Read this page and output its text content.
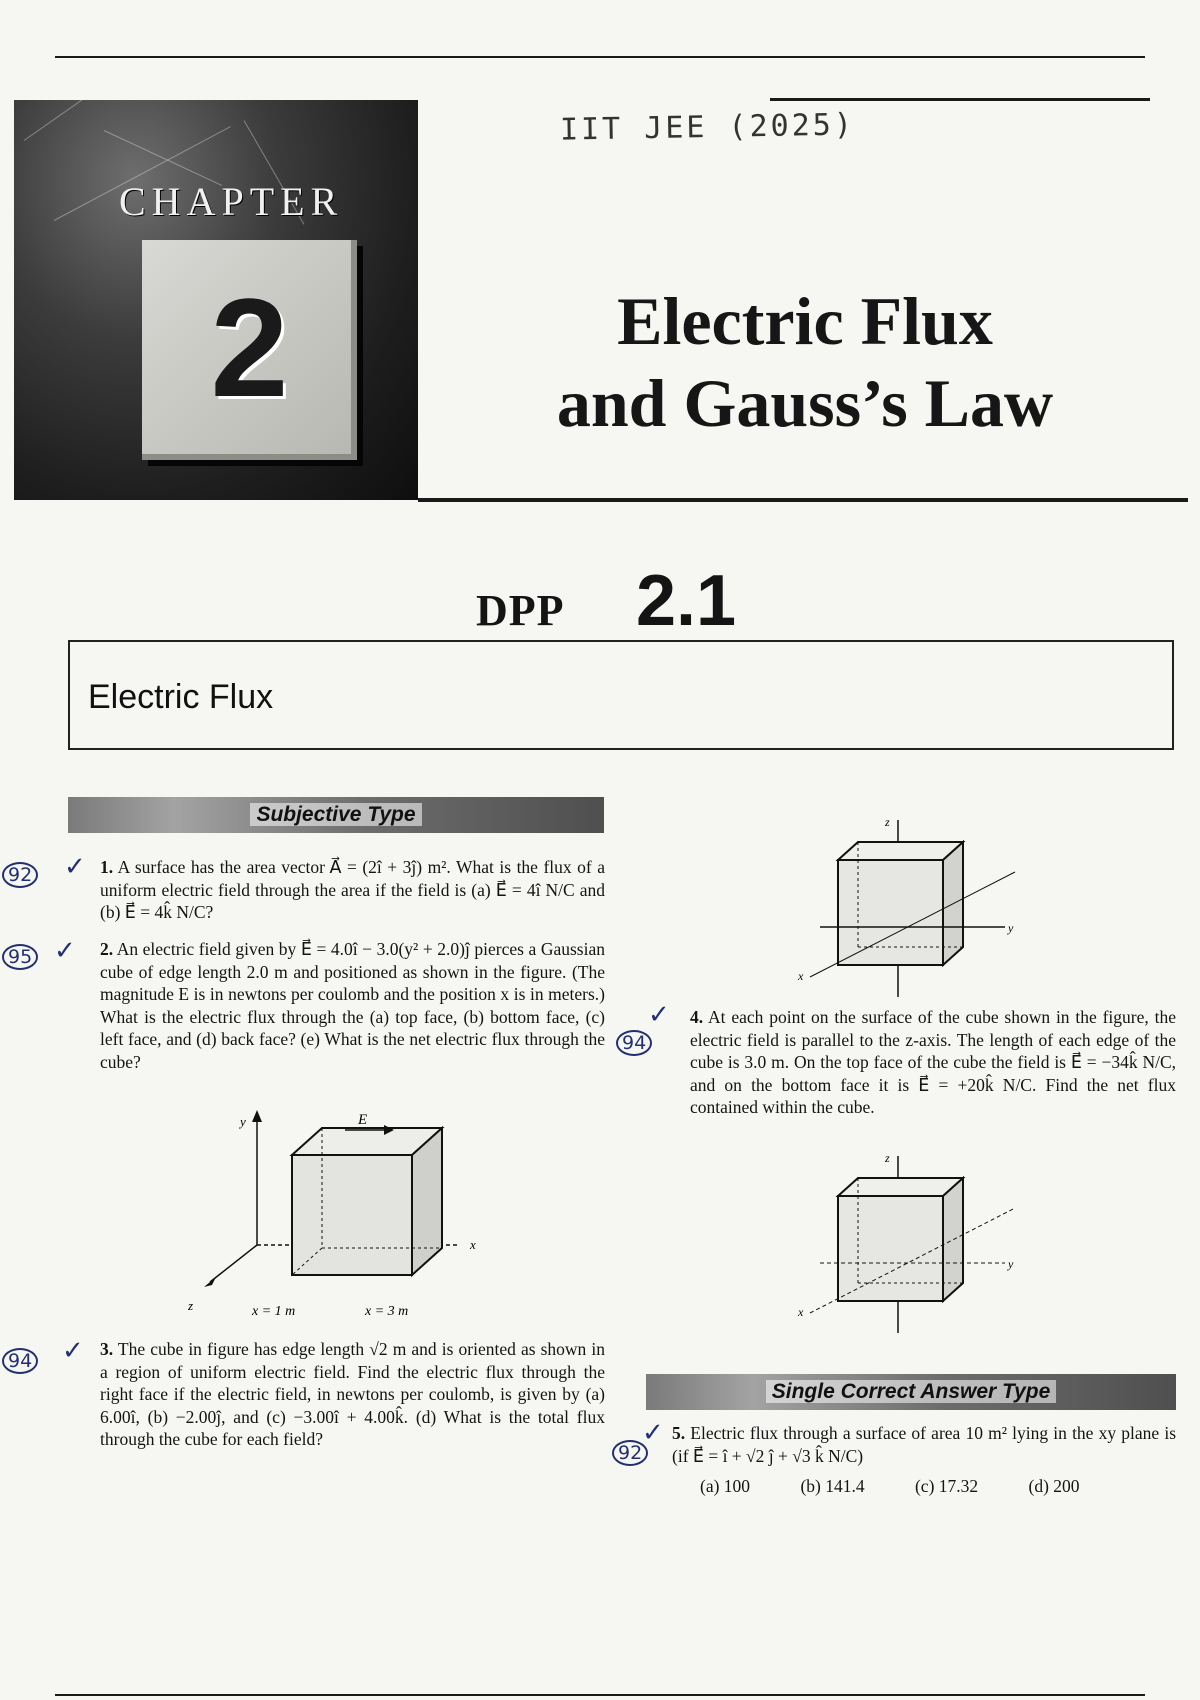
CHAPTER
2
IIT JEE (2025)
Electric Flux
and Gauss’s Law
DPP 2.1
Electric Flux
Subjective Type
92 ✓ 1. A surface has the area vector A⃗ = (2î + 3ĵ) m². What is the flux of a uniform electric field through the area if the field is (a) E⃗ = 4î N/C and (b) E⃗ = 4k̂ N/C?
95 ✓ 2. An electric field given by E⃗ = 4.0î − 3.0(y² + 2.0)ĵ pierces a Gaussian cube of edge length 2.0 m and positioned as shown in the figure. (The magnitude E is in newtons per coulomb and the position x is in meters.) What is the electric flux through the (a) top face, (b) bottom face, (c) left face, and (d) back face? (e) What is the net electric flux through the cube?
E
y
x
z	x = 1 m	x = 3 m
94 ✓ 3. The cube in figure has edge length √2 m and is oriented as shown in a region of uniform electric field. Find the electric flux through the right face if the electric field, in newtons per coulomb, is given by (a) 6.00î, (b) −2.00ĵ, and (c) −3.00î + 4.00k̂. (d) What is the total flux through the cube for each field?
92
z
y
x
94
✓ 4. At each point on the surface of the cube shown in the figure, the electric field is parallel to the z-axis. The length of each edge of the cube is 3.0 m. On the top face of the cube the field is E⃗ = −34k̂ N/C, and on the bottom face it is E⃗ = +20k̂ N/C. Find the net flux contained within the cube.
z
y
x
Single Correct Answer Type
✓ 5. Electric flux through a surface of area 10 m² lying in the xy plane is (if E⃗ = î + √2 ĵ + √3 k̂ N/C)
(a) 100	(b) 141.4	(c) 17.32	(d) 200
